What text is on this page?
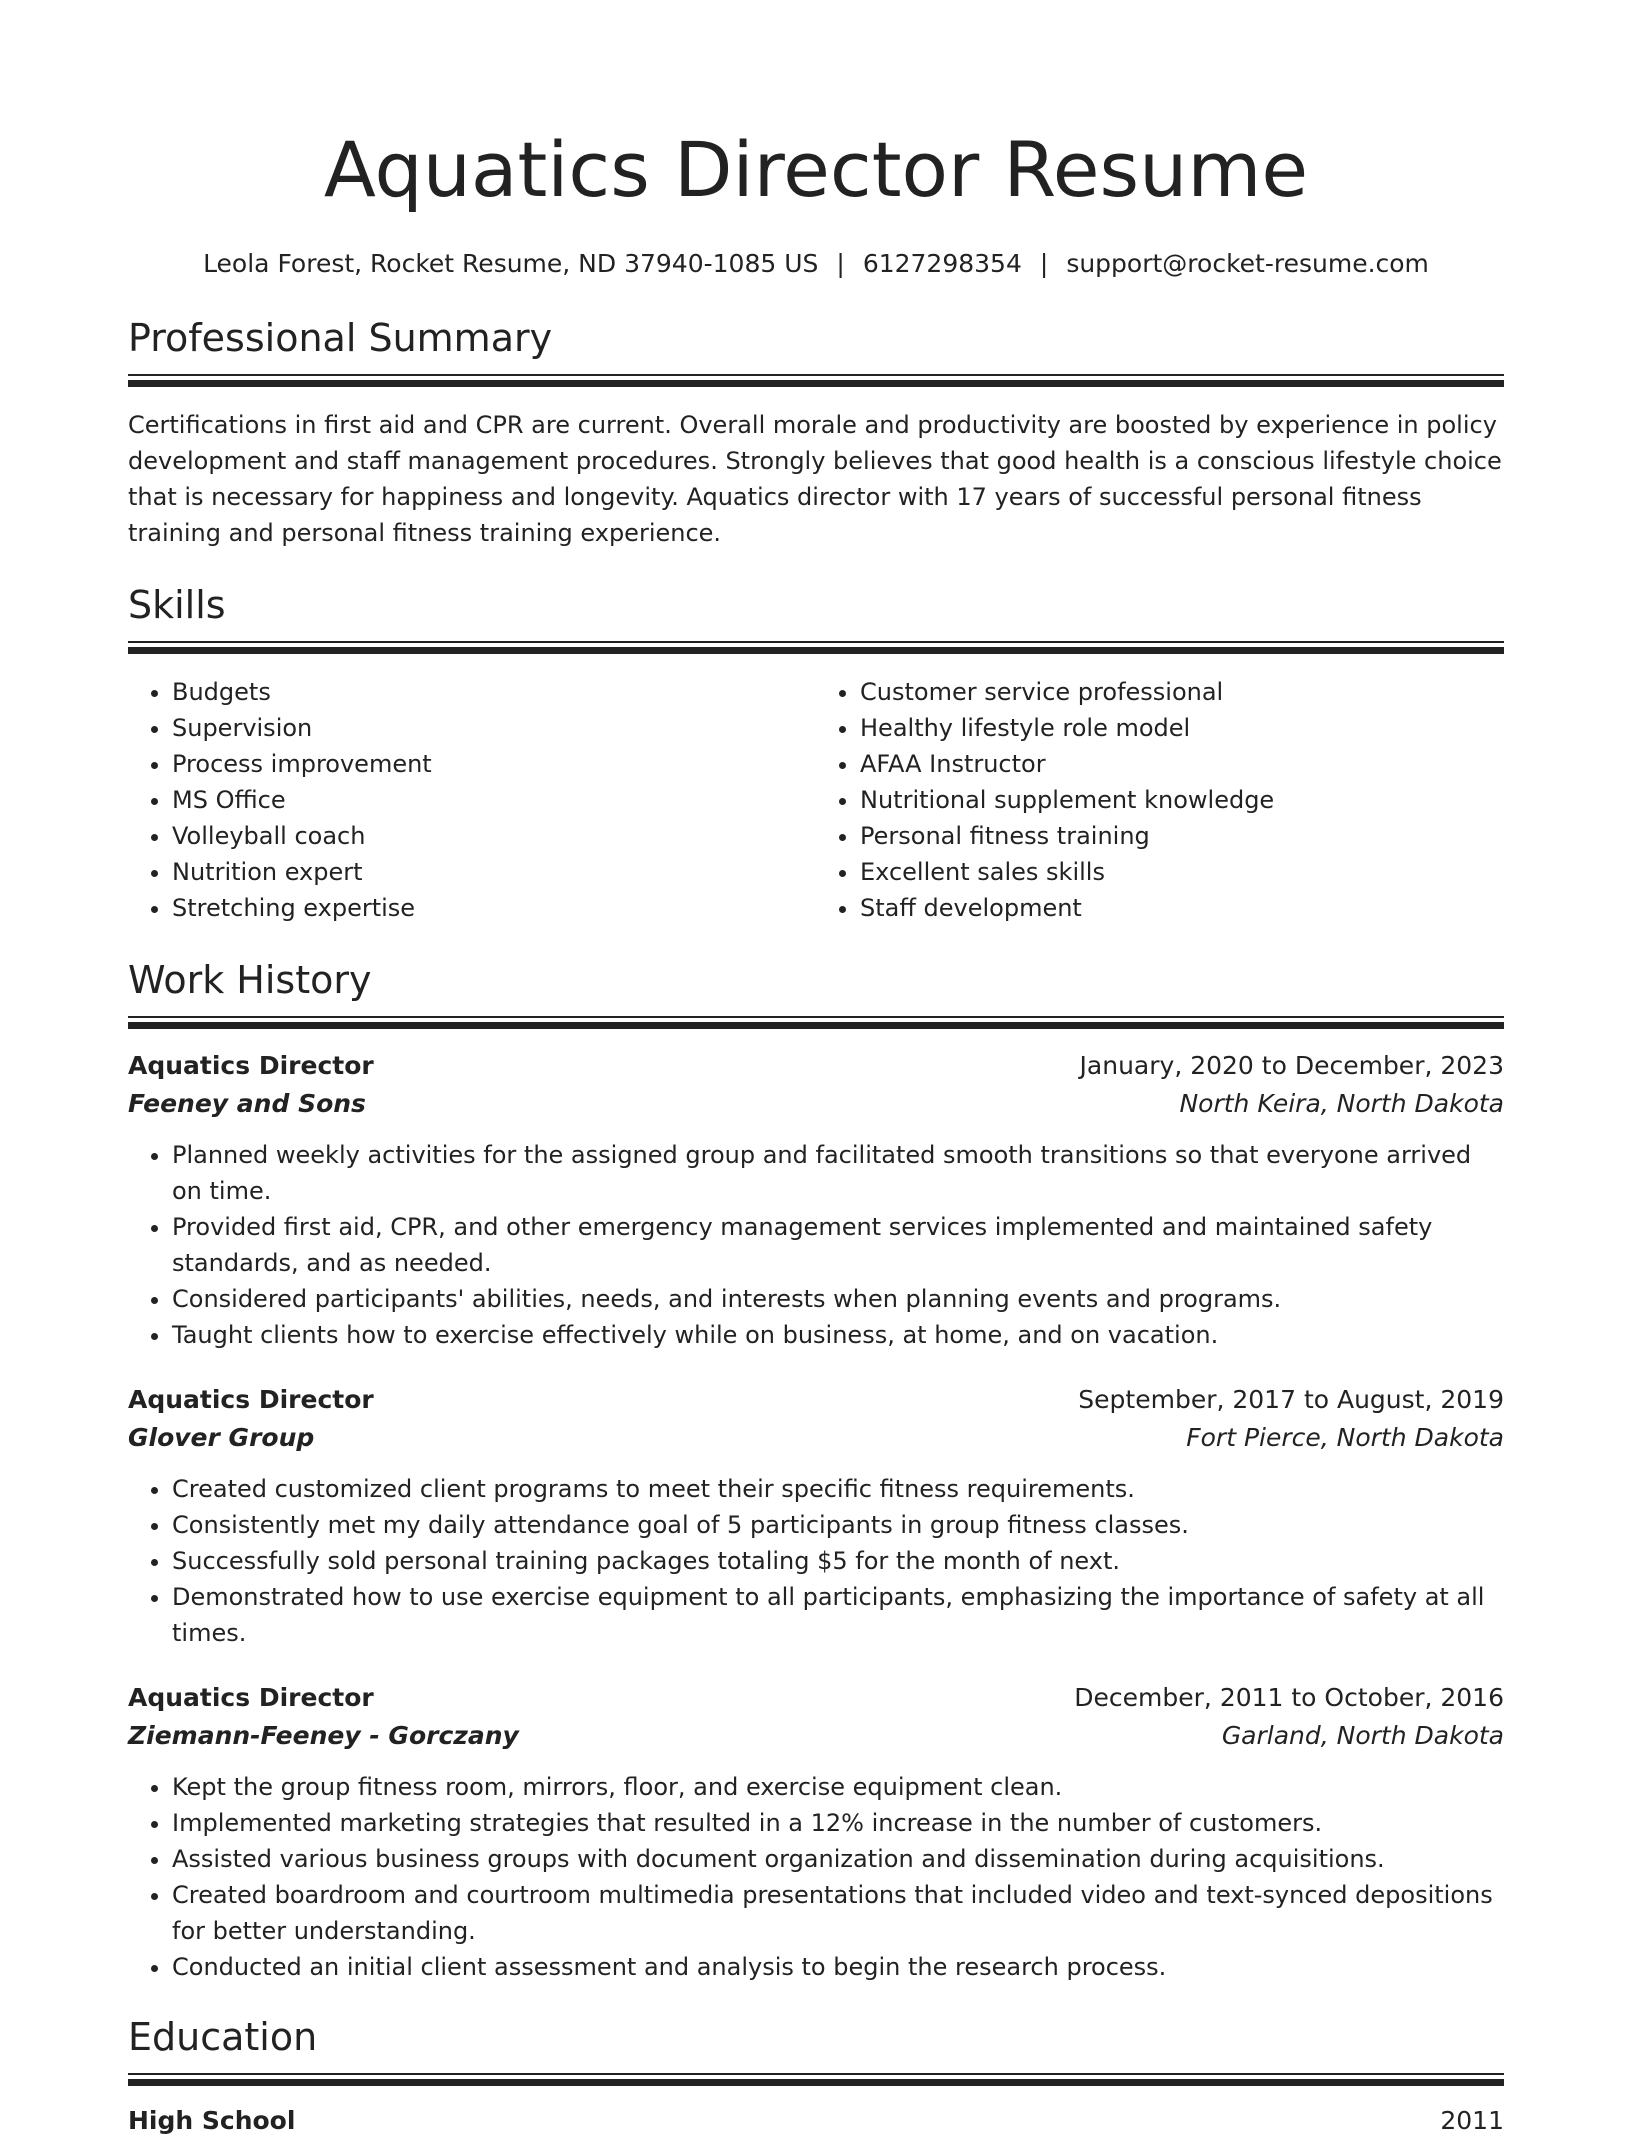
Aquatics Director Resume
Leola Forest, Rocket Resume, ND 37940-1085 US | 6127298354 | support@rocket-resume.com
Professional Summary

Certifications in first aid and CPR are current. Overall morale and productivity are boosted by experience in policy development and staff management procedures. Strongly believes that good health is a conscious lifestyle choice that is necessary for happiness and longevity. Aquatics director with 17 years of successful personal fitness training and personal fitness training experience.

Skills
• Budgets
• Supervision
• Process improvement
• MS Office
• Volleyball coach
• Nutrition expert
• Stretching expertise
• Customer service professional
• Healthy lifestyle role model
• AFAA Instructor
• Nutritional supplement knowledge
• Personal fitness training
• Excellent sales skills
• Staff development
Work History
Aquatics Director	January, 2020 to December, 2023
Feeney and Sons	North Keira, North Dakota
• Planned weekly activities for the assigned group and facilitated smooth transitions so that everyone arrived on time.
• Provided first aid, CPR, and other emergency management services implemented and maintained safety standards, and as needed.
• Considered participants' abilities, needs, and interests when planning events and programs.
• Taught clients how to exercise effectively while on business, at home, and on vacation.
Aquatics Director	September, 2017 to August, 2019
Glover Group	Fort Pierce, North Dakota
• Created customized client programs to meet their specific fitness requirements.
• Consistently met my daily attendance goal of 5 participants in group fitness classes.
• Successfully sold personal training packages totaling $5 for the month of next.
• Demonstrated how to use exercise equipment to all participants, emphasizing the importance of safety at all times.
Aquatics Director	December, 2011 to October, 2016
Ziemann-Feeney - Gorczany	Garland, North Dakota
• Kept the group fitness room, mirrors, floor, and exercise equipment clean.
• Implemented marketing strategies that resulted in a 12% increase in the number of customers.
• Assisted various business groups with document organization and dissemination during acquisitions.
• Created boardroom and courtroom multimedia presentations that included video and text-synced depositions for better understanding.
• Conducted an initial client assessment and analysis to begin the research process.
Education
High School	2011
